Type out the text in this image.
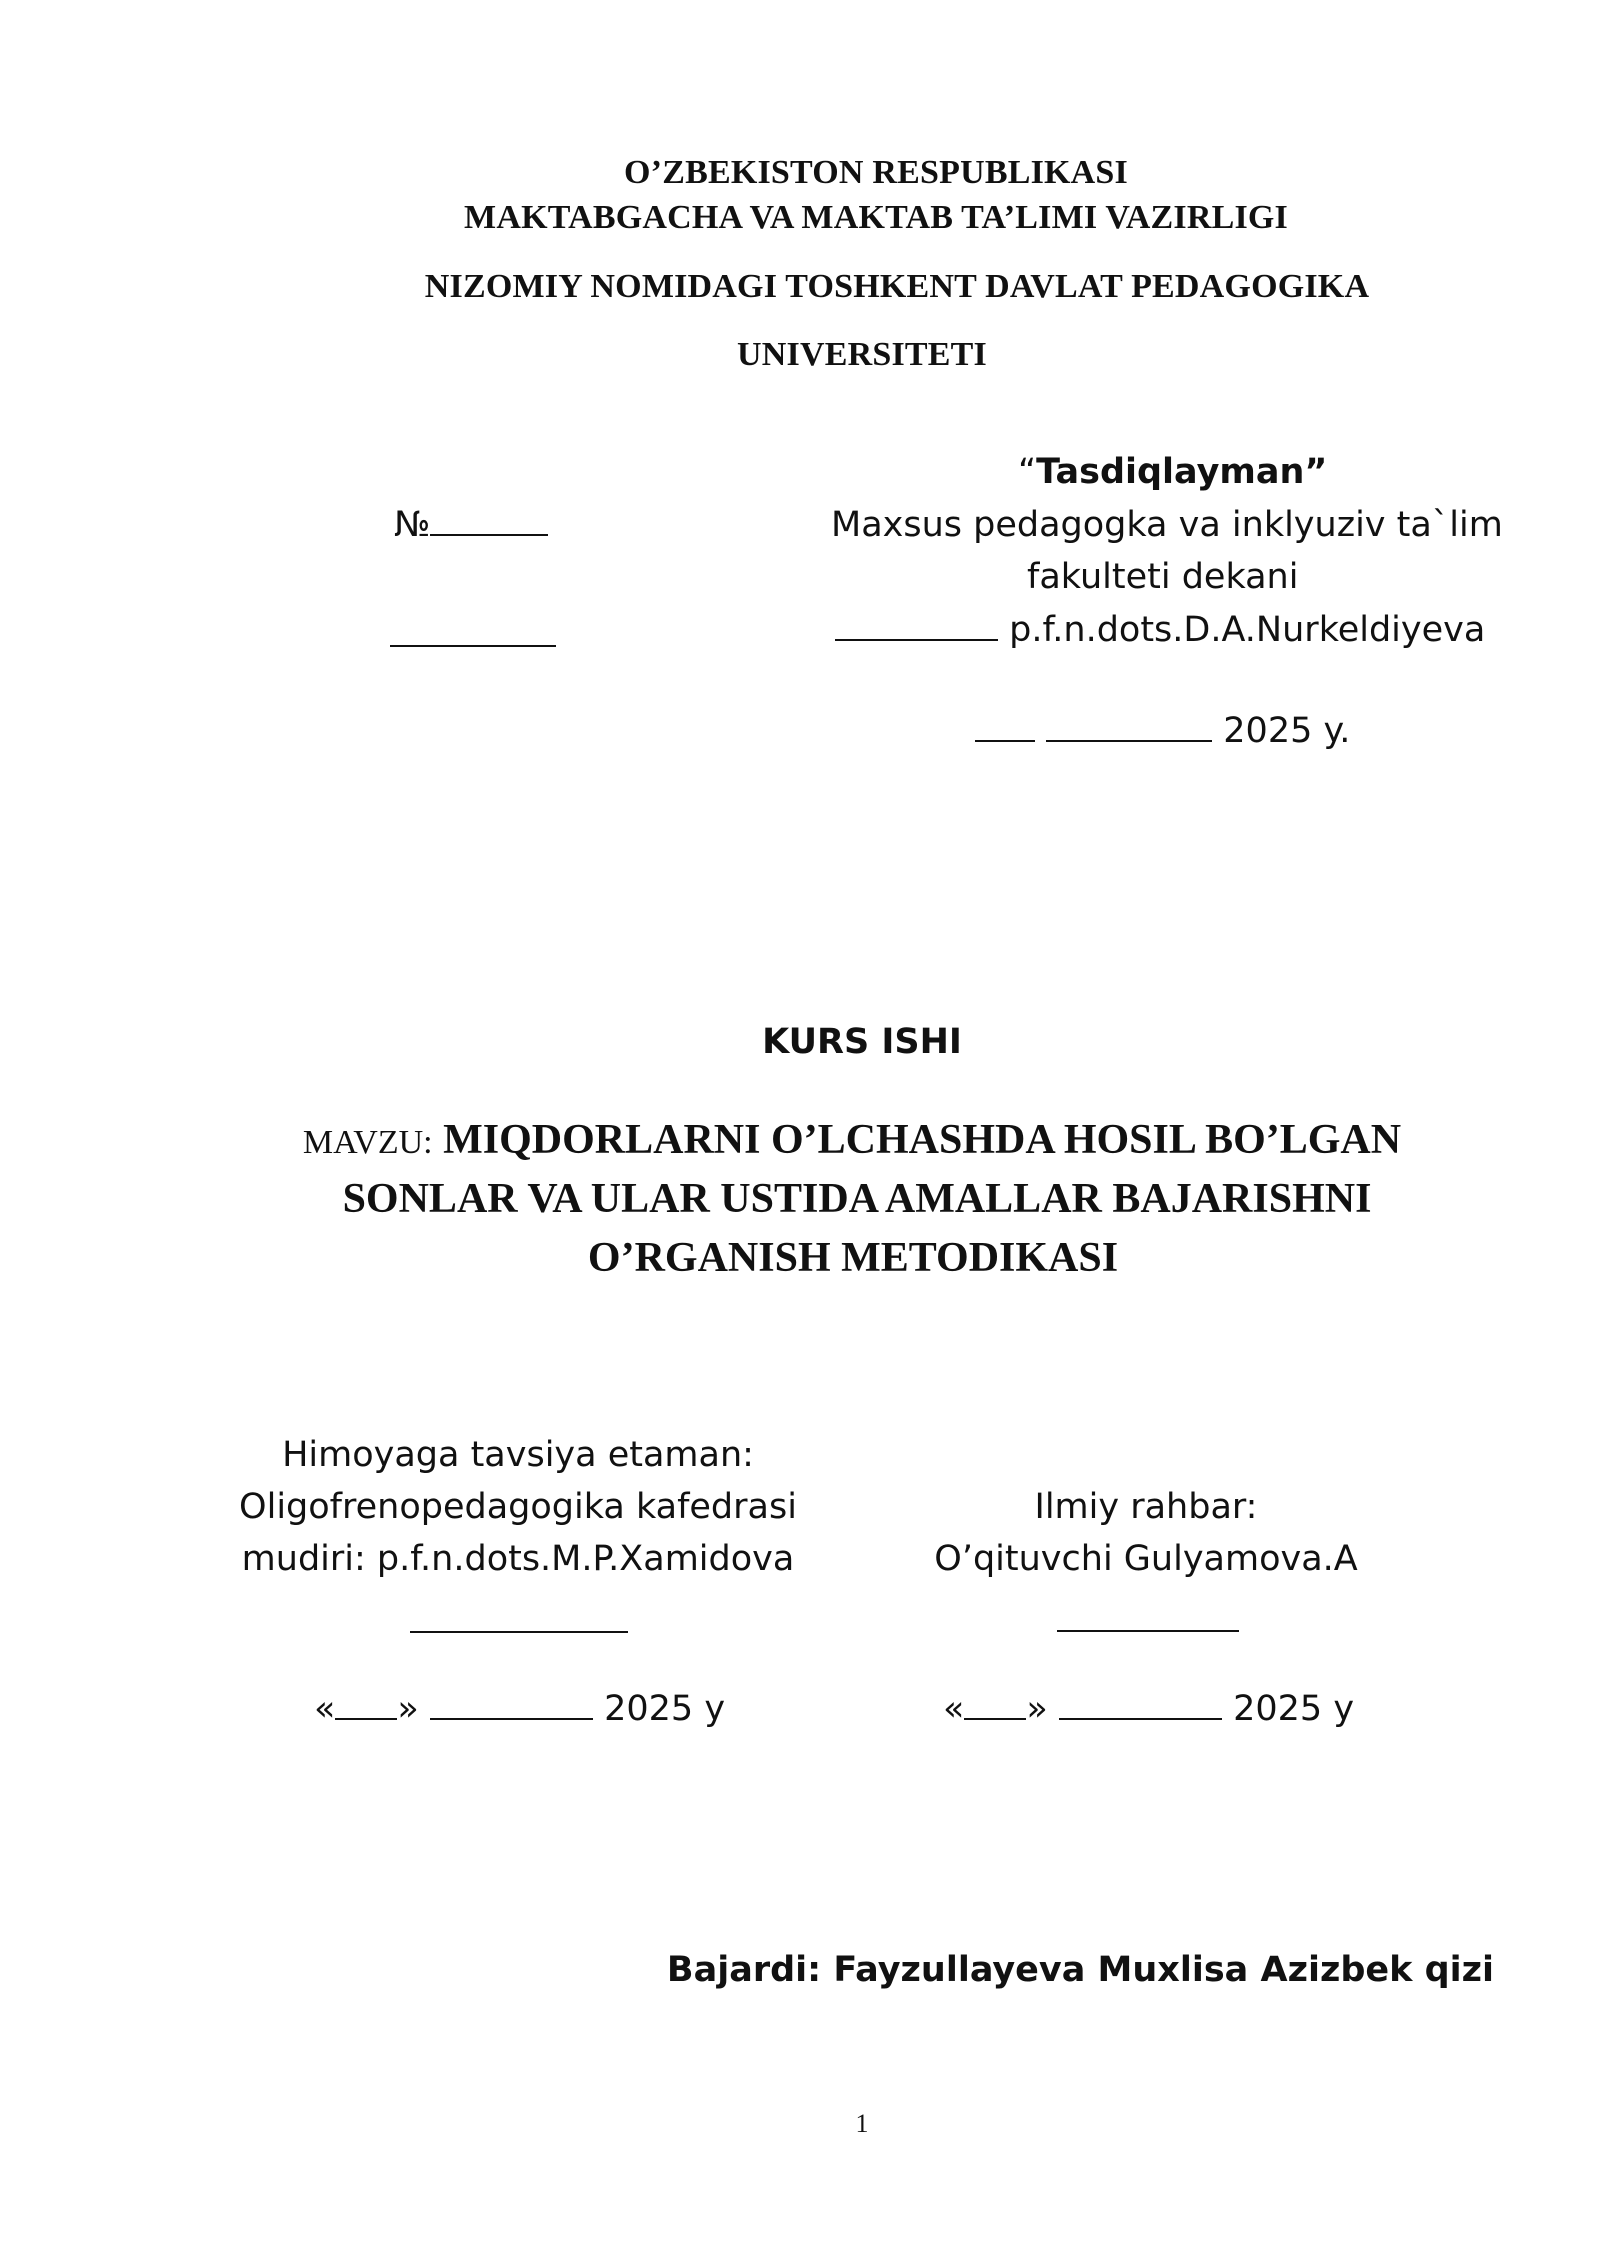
O’ZBEKISTON RESPUBLIKASI
MAKTABGACHA VA MAKTAB TA’LIMI VAZIRLIGI
NIZOMIY NOMIDAGI TOSHKENT DAVLAT PEDAGOGIKA
UNIVERSITETI
“Tasdiqlayman”
№	Maxsus pedagogka va inklyuziv ta`lim
fakulteti dekani
p.f.n.dots.D.A.Nurkeldiyeva
2025 y.
KURS ISHI
MAVZU: MIQDORLARNI O’LCHASHDA HOSIL BO’LGAN
SONLAR VA ULAR USTIDA AMALLAR BAJARISHNI
O’RGANISH METODIKASI
Himoyaga tavsiya etaman:
Oligofrenopedagogika kafedrasi
mudiri: p.f.n.dots.M.P.Xamidova
« »	2025 y
Ilmiy rahbar:
O’qituvchi Gulyamova.A
« »	2025 y
Bajardi: Fayzullayeva Muxlisa Azizbek qizi
1
